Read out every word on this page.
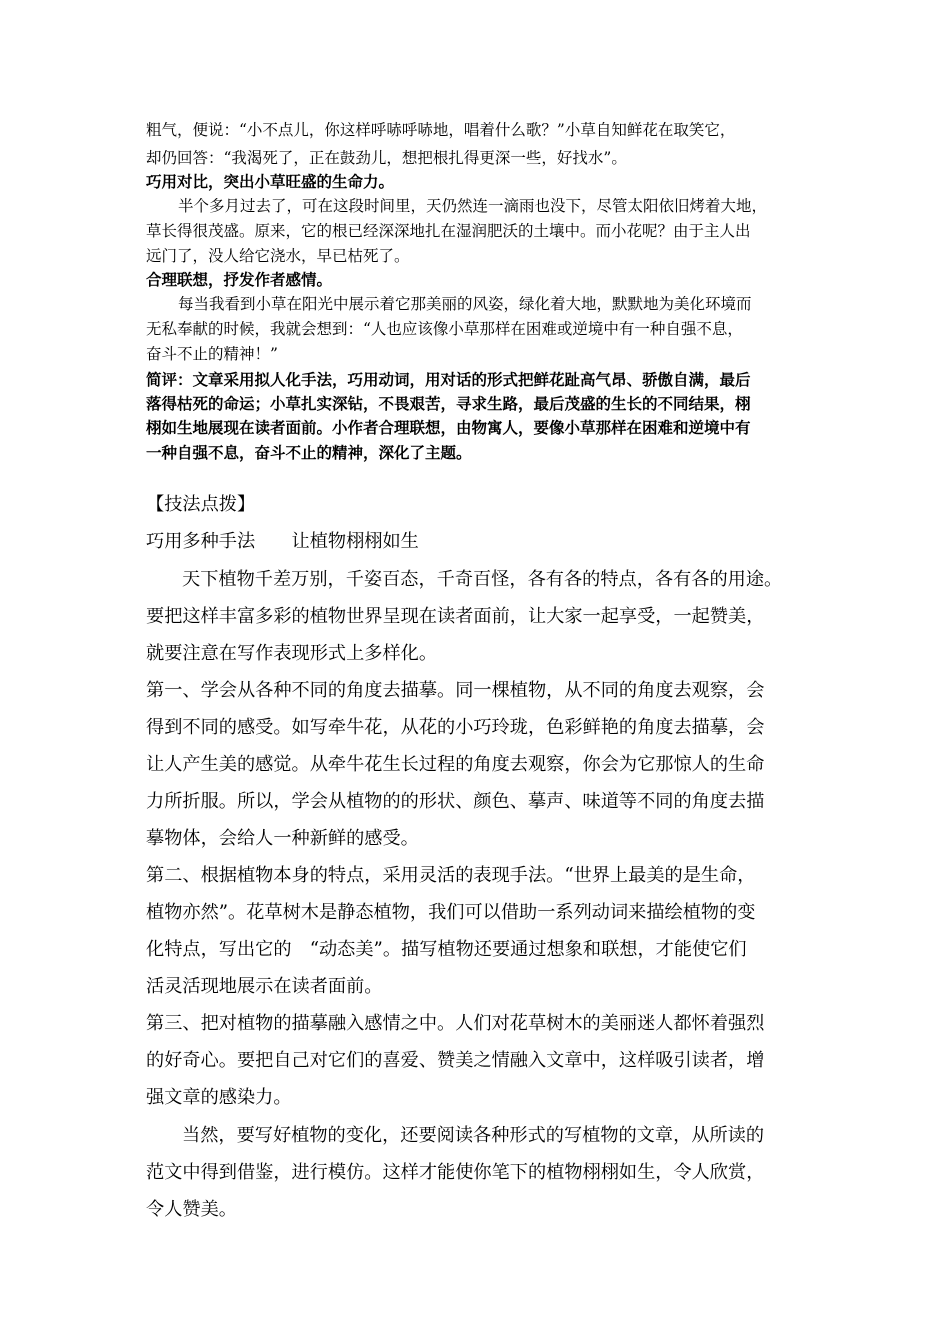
粗气，便说：“小不点儿，你这样呼哧呼哧地，唱着什么歌？”小草自知鲜花在取笑它，
却仍回答：“我渴死了，正在鼓劲儿，想把根扎得更深一些，好找水”。
巧用对比，突出小草旺盛的生命力。
半个多月过去了，可在这段时间里，天仍然连一滴雨也没下，尽管太阳依旧烤着大地，
草长得很茂盛。原来，它的根已经深深地扎在湿润肥沃的土壤中。而小花呢？由于主人出
远门了，没人给它浇水，早已枯死了。
合理联想，抒发作者感情。
每当我看到小草在阳光中展示着它那美丽的风姿，绿化着大地，默默地为美化环境而
无私奉献的时候，我就会想到：“人也应该像小草那样在困难或逆境中有一种自强不息，
奋斗不止的精神！”
简评：文章采用拟人化手法，巧用动词，用对话的形式把鲜花趾高气昂、骄傲自满，最后
落得枯死的命运；小草扎实深钻，不畏艰苦，寻求生路，最后茂盛的生长的不同结果，栩
栩如生地展现在读者面前。小作者合理联想，由物寓人，要像小草那样在困难和逆境中有
一种自强不息，奋斗不止的精神，深化了主题。
【技法点拨】
巧用多种手法　　让植物栩栩如生
天下植物千差万别，千姿百态，千奇百怪，各有各的特点，各有各的用途。
要把这样丰富多彩的植物世界呈现在读者面前，让大家一起享受，一起赞美，
就要注意在写作表现形式上多样化。
第一、学会从各种不同的角度去描摹。同一棵植物，从不同的角度去观察，会
得到不同的感受。如写牵牛花，从花的小巧玲珑，色彩鲜艳的角度去描摹，会
让人产生美的感觉。从牵牛花生长过程的角度去观察，你会为它那惊人的生命
力所折服。所以，学会从植物的的形状、颜色、摹声、味道等不同的角度去描
摹物体，会给人一种新鲜的感受。
第二、根据植物本身的特点，采用灵活的表现手法。“世界上最美的是生命，
植物亦然”。花草树木是静态植物，我们可以借助一系列动词来描绘植物的变
化特点，写出它的　“动态美”。描写植物还要通过想象和联想，才能使它们
活灵活现地展示在读者面前。
第三、把对植物的描摹融入感情之中。人们对花草树木的美丽迷人都怀着强烈
的好奇心。要把自己对它们的喜爱、赞美之情融入文章中，这样吸引读者，增
强文章的感染力。
当然，要写好植物的变化，还要阅读各种形式的写植物的文章，从所读的
范文中得到借鉴，进行模仿。这样才能使你笔下的植物栩栩如生，令人欣赏，
令人赞美。
